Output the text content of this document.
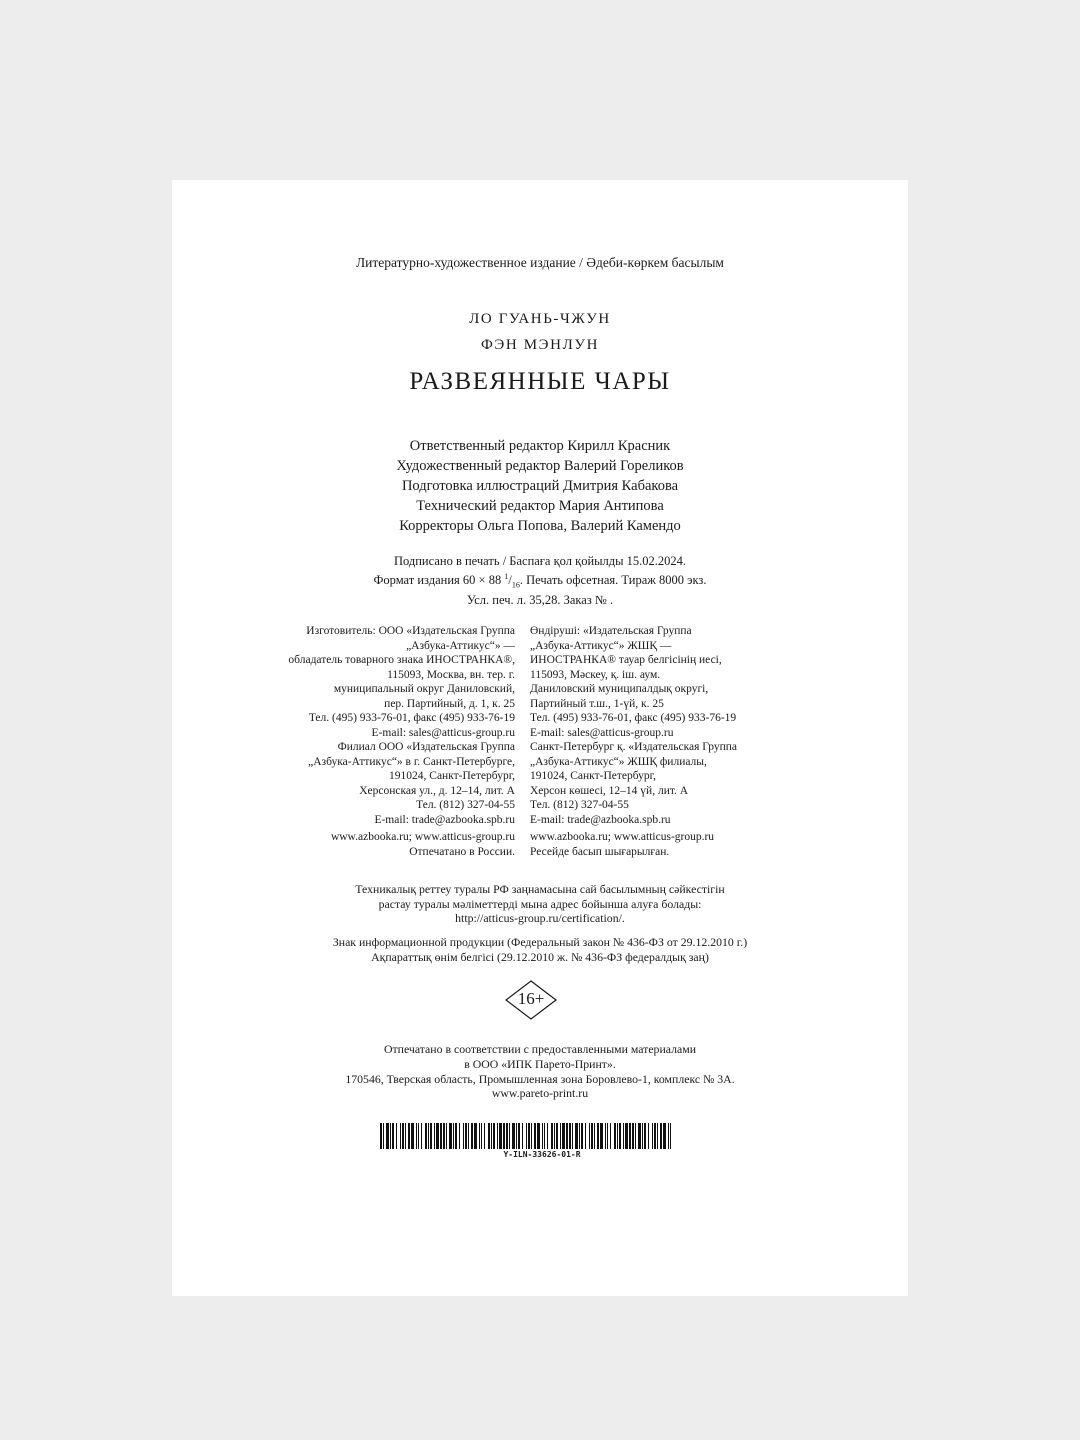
Литературно-художественное издание / Әдеби-көркем басылым
ЛО ГУАНЬ-ЧЖУН
ФЭН МЭНЛУН
РАЗВЕЯННЫЕ ЧАРЫ
Ответственный редактор Кирилл Красник
Художественный редактор Валерий Гореликов
Подготовка иллюстраций Дмитрия Кабакова
Технический редактор Мария Антипова
Корректоры Ольга Попова, Валерий Камендо
Подписано в печать / Баспаға қол қойылды 15.02.2024.
Формат издания 60 × 88 $^1/_{16}$. Печать офсетная. Тираж 8000 экз.
Усл. печ. л. 35,28. Заказ № .
Изготовитель: ООО «Издательская Группа
„Азбука-Аттикус“» —
обладатель товарного знака ИНОСТРАНКА®,
115093, Москва, вн. тер. г.
муниципальный округ Даниловский,
пер. Партийный, д. 1, к. 25
Тел. (495) 933-76-01, факс (495) 933-76-19
E-mail: sales@atticus-group.ru
Филиал ООО «Издательская Группа
„Азбука-Аттикус“» в г. Санкт-Петербурге,
191024, Санкт-Петербург,
Херсонская ул., д. 12–14, лит. А
Тел. (812) 327-04-55
E-mail: trade@azbooka.spb.ru
www.azbooka.ru; www.atticus-group.ru
Отпечатано в России.
Өндіруші: «Издательская Группа
„Азбука-Аттикус“» ЖШҚ —
ИНОСТРАНКА® тауар белгісінің иесі,
115093, Мәскеу, қ. іш. аум.
Даниловский муниципалдық округі,
Партийный т.ш., 1-үй, к. 25
Тел. (495) 933-76-01, факс (495) 933-76-19
E-mail: sales@atticus-group.ru
Санкт-Петербург қ. «Издательская Группа
„Азбука-Аттикус“» ЖШҚ филиалы,
191024, Санкт-Петербург,
Херсон көшесі, 12–14 үй, лит. А
Тел. (812) 327-04-55
E-mail: trade@azbooka.spb.ru
www.azbooka.ru; www.atticus-group.ru
Ресейде басып шығарылған.
Техникалық реттеу туралы РФ заңнамасына сай басылымның сәйкестігін
растау туралы мәліметтерді мына адрес бойынша алуға болады:
http://atticus-group.ru/certification/.
Знак информационной продукции (Федеральный закон № 436-ФЗ от 29.12.2010 г.)
Ақпараттық өнім белгісі (29.12.2010 ж. № 436-ФЗ федералдық заң)
16+
Отпечатано в соответствии с предоставленными материалами
в ООО «ИПК Парето-Принт».
170546, Тверская область, Промышленная зона Боровлево-1, комплекс № 3А.
www.pareto-print.ru
Y-ILN-33626-01-R
